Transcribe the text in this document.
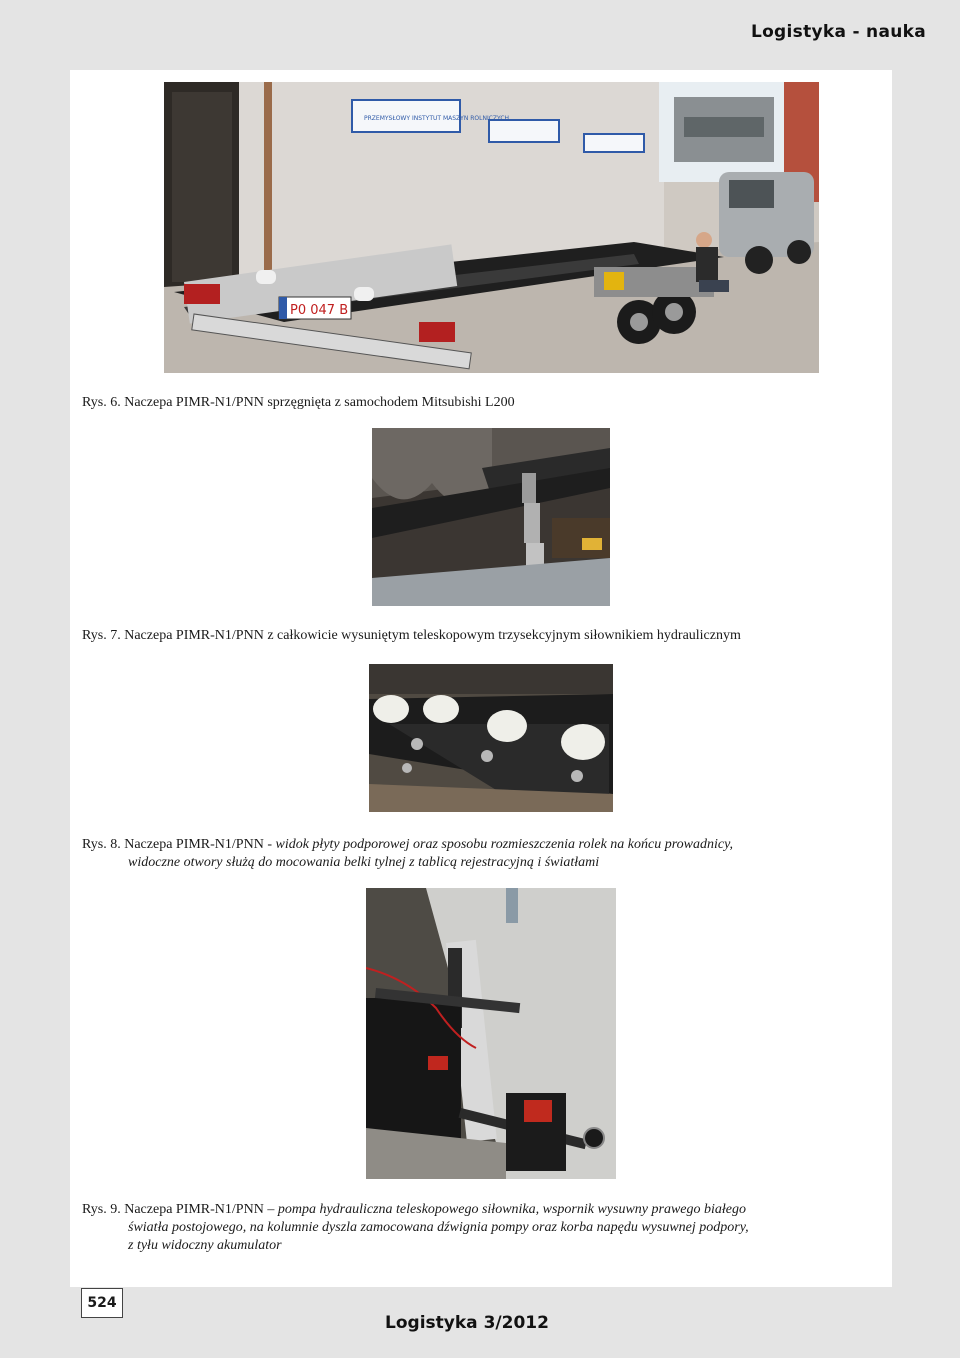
Logistyka - nauka
PRZEMYSŁOWY INSTYTUT MASZYN ROLNICZYCH
P0 047 B
Rys. 6. Naczepa PIMR-N1/PNN sprzęgnięta z samochodem Mitsubishi L200
Rys. 7. Naczepa PIMR-N1/PNN z całkowicie wysuniętym teleskopowym trzysekcyjnym siłownikiem hydraulicznym
Rys. 8. Naczepa PIMR-N1/PNN - widok płyty podporowej oraz sposobu rozmieszczenia rolek na końcu prowadnicy,
widoczne otwory służą do mocowania belki tylnej z tablicą rejestracyjną i światłami
Rys. 9. Naczepa PIMR-N1/PNN – pompa hydrauliczna teleskopowego siłownika, wspornik wysuwny prawego białego
światła postojowego, na kolumnie dyszla zamocowana dźwignia pompy oraz korba napędu wysuwnej podpory,
z tyłu widoczny akumulator
524
Logistyka 3/2012
